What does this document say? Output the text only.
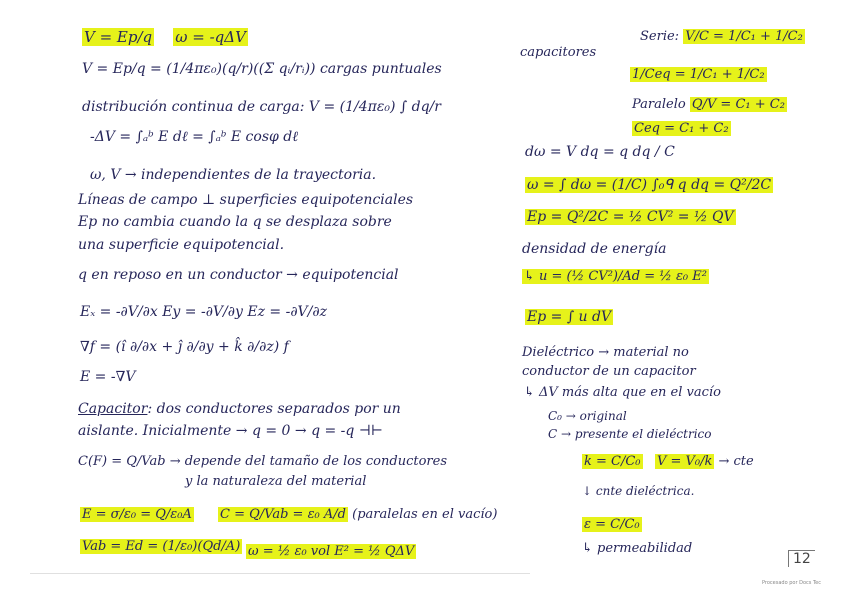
V = Ep/q ω = -qΔV
V = Ep/q = (1/4πε₀)(q/r)((Σ qᵢ/rᵢ)) cargas puntuales
distribución continua de carga: V = (1/4πε₀) ∫ dq/r
-ΔV = ∫ₐᵇ E dℓ = ∫ₐᵇ E cosφ dℓ
ω, V → independientes de la trayectoria.
Líneas de campo ⊥ superficies equipotenciales
Ep no cambia cuando la q se desplaza sobre
una superficie equipotencial.
q en reposo en un conductor → equipotencial
Eₓ = -∂V/∂x Ey = -∂V/∂y Ez = -∂V/∂z
∇f = (î ∂/∂x + ĵ ∂/∂y + k̂ ∂/∂z) f
E = -∇V
Capacitor: dos conductores separados por un
aislante. Inicialmente → q = 0 → q = -q ⊣⊢
C(F) = Q/Vab → depende del tamaño de los conductores
y la naturaleza del material
E = σ/ε₀ = Q/ε₀A C = Q/Vab = ε₀ A/d (paralelas en el vacío)
Vab = Ed = (1/ε₀)(Qd/A) ω = ½ ε₀ vol E² = ½ QΔV
capacitores
Serie: V/C = 1/C₁ + 1/C₂
1/Ceq = 1/C₁ + 1/C₂
Paralelo Q/V = C₁ + C₂
Ceq = C₁ + C₂
dω = V dq = q dq / C
ω = ∫ dω = (1/C) ∫₀ᑫ q dq = Q²/2C
Ep = Q²/2C = ½ CV² = ½ QV
densidad de energía
↳ u = (½ CV²)/Ad = ½ ε₀ E²
Ep = ∫ u dV
Dieléctrico → material no
conductor de un capacitor
↳ ΔV más alta que en el vacío
C₀ → original
C → presente el dieléctrico
k = C/C₀ V = V₀/k → cte
↓ cnte dieléctrica.
ε = C/C₀
↳ permeabilidad
12
Procesado por Docs Tec
